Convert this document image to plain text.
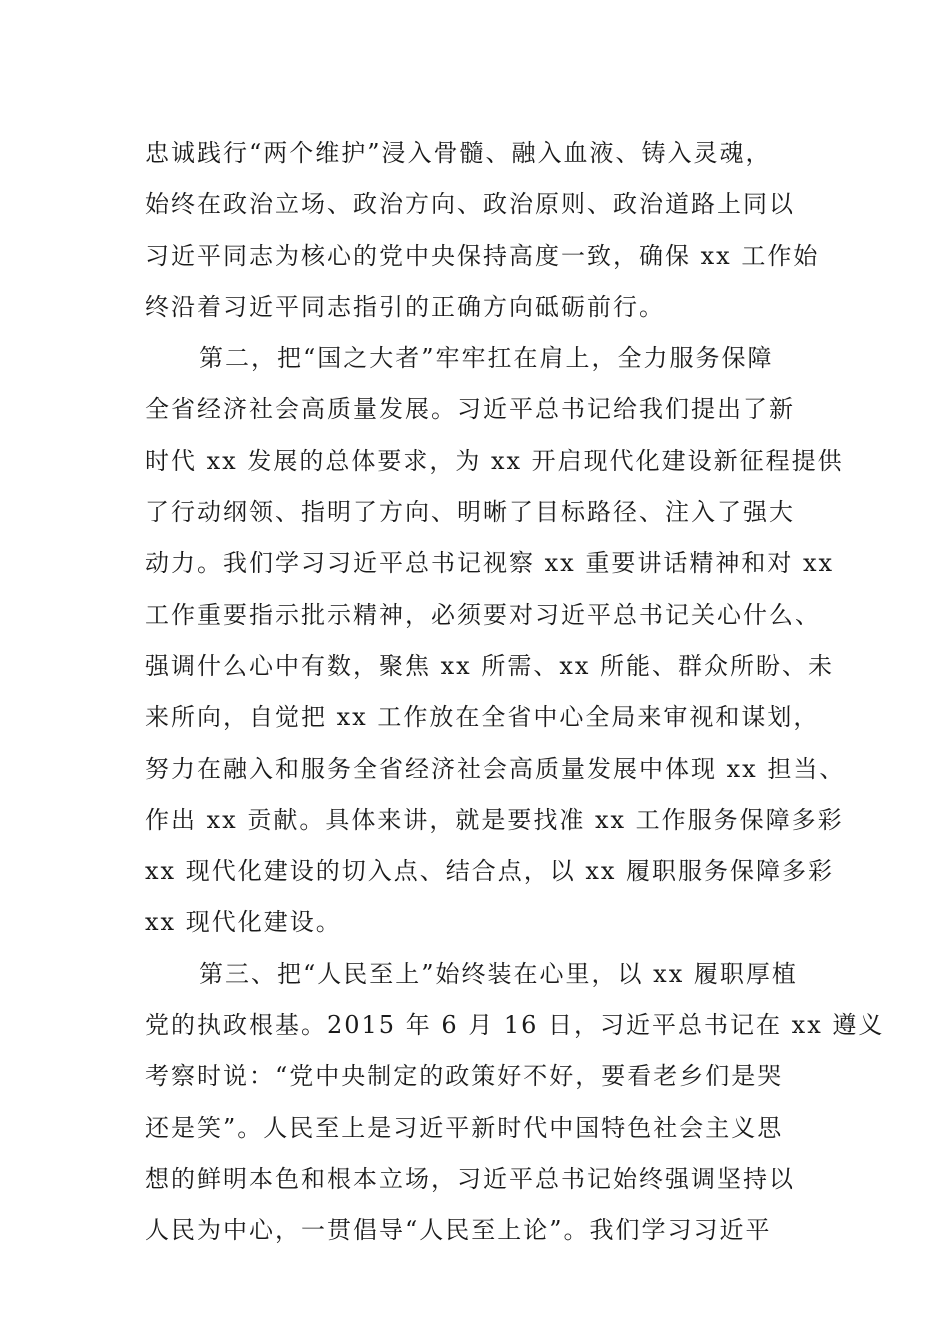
忠诚践行“两个维护”浸入骨髓、融入血液、铸入灵魂，
始终在政治立场、政治方向、政治原则、政治道路上同以
习近平同志为核心的党中央保持高度一致，确保 xx 工作始
终沿着习近平同志指引的正确方向砥砺前行。
第二，把“国之大者”牢牢扛在肩上，全力服务保障
全省经济社会高质量发展。习近平总书记给我们提出了新
时代 xx 发展的总体要求，为 xx 开启现代化建设新征程提供
了行动纲领、指明了方向、明晰了目标路径、注入了强大
动力。我们学习习近平总书记视察 xx 重要讲话精神和对 xx
工作重要指示批示精神，必须要对习近平总书记关心什么、
强调什么心中有数，聚焦 xx 所需、xx 所能、群众所盼、未
来所向，自觉把 xx 工作放在全省中心全局来审视和谋划，
努力在融入和服务全省经济社会高质量发展中体现 xx 担当、
作出 xx 贡献。具体来讲，就是要找准 xx 工作服务保障多彩
xx 现代化建设的切入点、结合点，以 xx 履职服务保障多彩
xx 现代化建设。
第三、把“人民至上”始终装在心里，以 xx 履职厚植
党的执政根基。2015 年 6 月 16 日，习近平总书记在 xx 遵义
考察时说：“党中央制定的政策好不好，要看老乡们是哭
还是笑”。人民至上是习近平新时代中国特色社会主义思
想的鲜明本色和根本立场，习近平总书记始终强调坚持以
人民为中心，一贯倡导“人民至上论”。我们学习习近平
